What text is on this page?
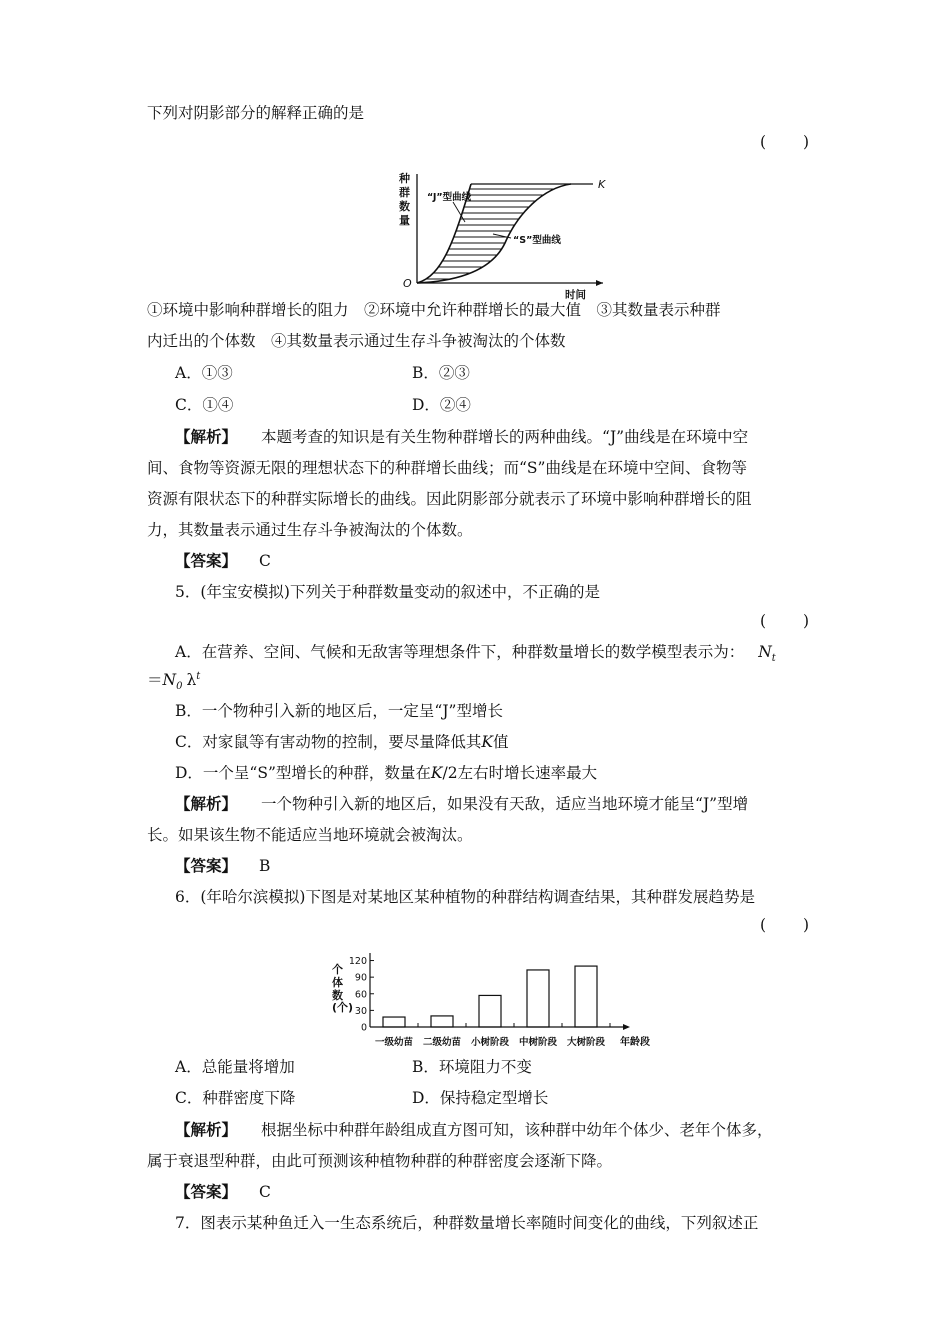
下列对阴影部分的解释正确的是
(　　)
种
群
数
量
O
K
“J”型曲线
“S”型曲线
时间
①环境中影响种群增长的阻力　②环境中允许种群增长的最大值　③其数量表示种群
内迁出的个体数　④其数量表示通过生存斗争被淘汰的个体数
A．①③	B．②③
C．①④	D．②④
【解析】 本题考查的知识是有关生物种群增长的两种曲线。“J”曲线是在环境中空
间、食物等资源无限的理想状态下的种群增长曲线；而“S”曲线是在环境中空间、食物等
资源有限状态下的种群实际增长的曲线。因此阴影部分就表示了环境中影响种群增长的阻
力，其数量表示通过生存斗争被淘汰的个体数。
【答案】 C
5．(年宝安模拟)下列关于种群数量变动的叙述中，不正确的是
(　　)
A．在营养、空间、气候和无敌害等理想条件下，种群数量增长的数学模型表示为： $N_t$
$=N_0$ $\lambda^t$
B．一个物种引入新的地区后，一定呈“J”型增长
C．对家鼠等有害动物的控制，要尽量降低其K值
D．一个呈“S”型增长的种群，数量在K/2左右时增长速率最大
【解析】 一个物种引入新的地区后，如果没有天敌，适应当地环境才能呈“J”型增
长。如果该生物不能适应当地环境就会被淘汰。
【答案】 B
6．(年哈尔滨模拟)下图是对某地区某种植物的种群结构调查结果，其种群发展趋势是
(　　)
0
30
60
90
120
一级幼苗 二级幼苗 小树阶段 中树阶段 大树阶段
个
体
数
(个)
年龄段
A．总能量将增加	B．环境阻力不变
C．种群密度下降	D．保持稳定型增长
【解析】 根据坐标中种群年龄组成直方图可知，该种群中幼年个体少、老年个体多，
属于衰退型种群，由此可预测该种植物种群的种群密度会逐渐下降。
【答案】 C
7．图表示某种鱼迁入一生态系统后，种群数量增长率随时间变化的曲线，下列叙述正
